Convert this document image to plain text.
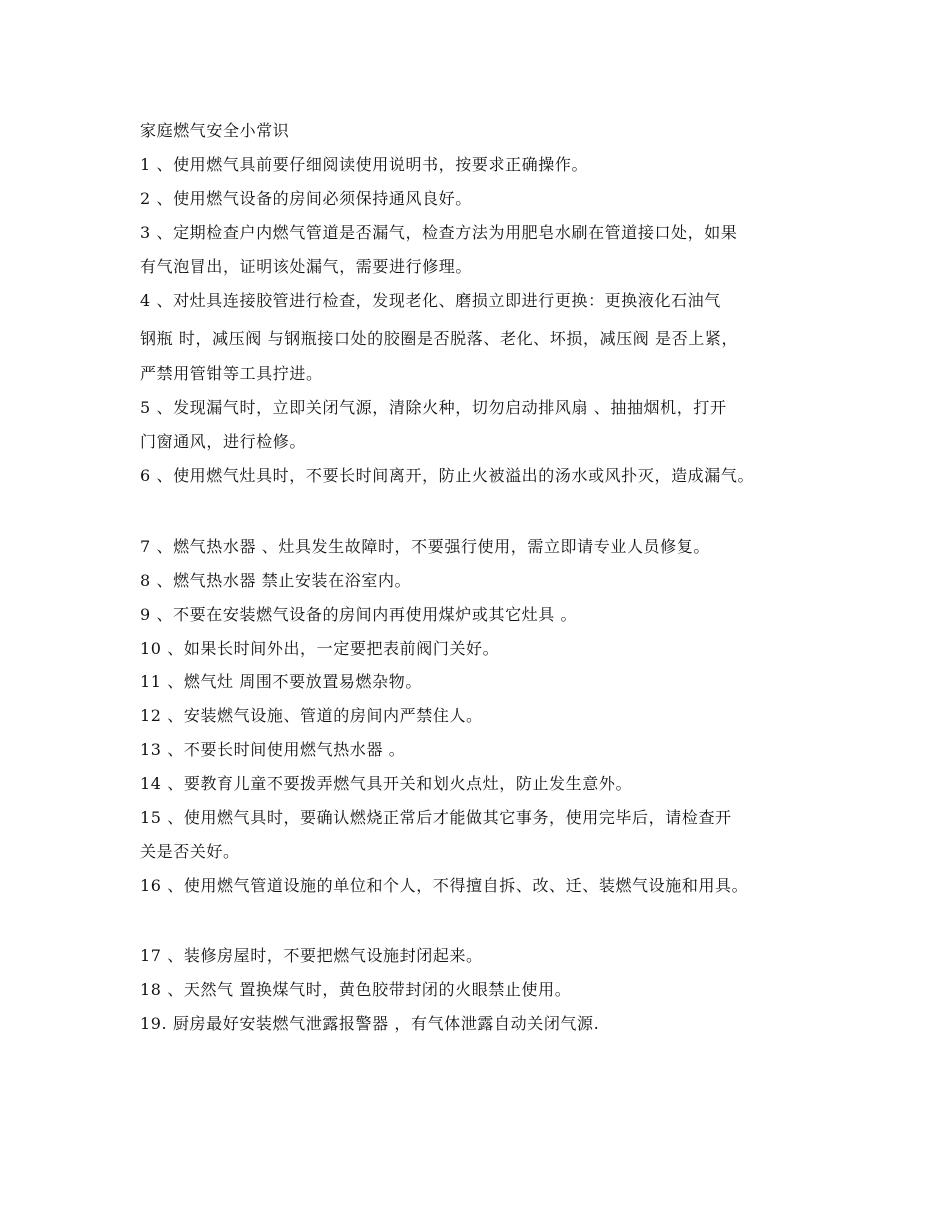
家庭燃气安全小常识
1 、使用燃气具前要仔细阅读使用说明书，按要求正确操作。
2 、使用燃气设备的房间必须保持通风良好。
3 、定期检查户内燃气管道是否漏气，检查方法为用肥皂水刷在管道接口处，如果
有气泡冒出，证明该处漏气，需要进行修理。
4 、对灶具连接胶管进行检查，发现老化、磨损立即进行更换：更换液化石油气
钢瓶 时，减压阀 与钢瓶接口处的胶圈是否脱落、老化、坏损，减压阀 是否上紧，
严禁用管钳等工具拧进。
5 、发现漏气时，立即关闭气源，清除火种，切勿启动排风扇 、抽抽烟机，打开
门窗通风，进行检修。
6 、使用燃气灶具时，不要长时间离开，防止火被溢出的汤水或风扑灭，造成漏气。
7 、燃气热水器 、灶具发生故障时，不要强行使用，需立即请专业人员修复。
8 、燃气热水器 禁止安装在浴室内。
9 、不要在安装燃气设备的房间内再使用煤炉或其它灶具 。
10 、如果长时间外出，一定要把表前阀门关好。
11 、燃气灶 周围不要放置易燃杂物。
12 、安装燃气设施、管道的房间内严禁住人。
13 、不要长时间使用燃气热水器 。
14 、要教育儿童不要拨弄燃气具开关和划火点灶，防止发生意外。
15 、使用燃气具时，要确认燃烧正常后才能做其它事务，使用完毕后，请检查开
关是否关好。
16 、使用燃气管道设施的单位和个人，不得擅自拆、改、迁、装燃气设施和用具。
17 、装修房屋时，不要把燃气设施封闭起来。
18 、天然气 置换煤气时，黄色胶带封闭的火眼禁止使用。
19. 厨房最好安装燃气泄露报警器 ，有气体泄露自动关闭气源.
